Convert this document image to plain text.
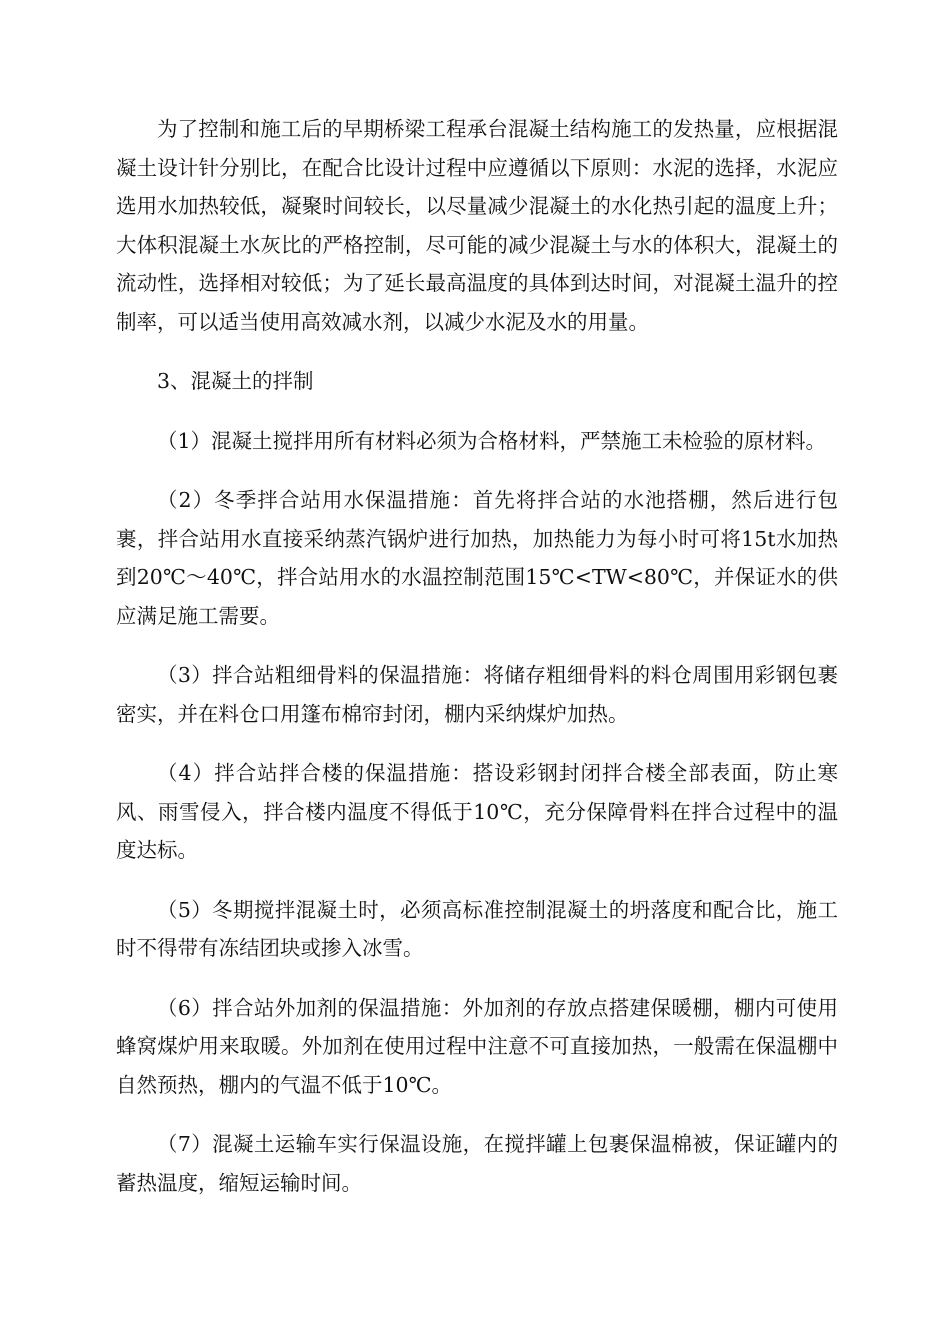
为了控制和施工后的早期桥梁工程承台混凝土结构施工的发热量，应根据混凝土设计针分别比，在配合比设计过程中应遵循以下原则：水泥的选择，水泥应选用水加热较低，凝聚时间较长，以尽量减少混凝土的水化热引起的温度上升；大体积混凝土水灰比的严格控制，尽可能的减少混凝土与水的体积大，混凝土的流动性，选择相对较低；为了延长最高温度的具体到达时间，对混凝土温升的控制率，可以适当使用高效减水剂，以减少水泥及水的用量。

3、混凝土的拌制

（1）混凝土搅拌用所有材料必须为合格材料，严禁施工未检验的原材料。

（2）冬季拌合站用水保温措施：首先将拌合站的水池搭棚，然后进行包裹，拌合站用水直接采纳蒸汽锅炉进行加热，加热能力为每小时可将15t水加热到20℃～40℃，拌合站用水的水温控制范围15℃<TW<80℃，并保证水的供应满足施工需要。

（3）拌合站粗细骨料的保温措施：将储存粗细骨料的料仓周围用彩钢包裹密实，并在料仓口用篷布棉帘封闭，棚内采纳煤炉加热。

（4）拌合站拌合楼的保温措施：搭设彩钢封闭拌合楼全部表面，防止寒风、雨雪侵入，拌合楼内温度不得低于10℃，充分保障骨料在拌合过程中的温度达标。

（5）冬期搅拌混凝土时，必须高标准控制混凝土的坍落度和配合比，施工时不得带有冻结团块或掺入冰雪。

（6）拌合站外加剂的保温措施：外加剂的存放点搭建保暖棚，棚内可使用蜂窝煤炉用来取暖。外加剂在使用过程中注意不可直接加热，一般需在保温棚中自然预热，棚内的气温不低于10℃。

（7）混凝土运输车实行保温设施，在搅拌罐上包裹保温棉被，保证罐内的蓄热温度，缩短运输时间。
